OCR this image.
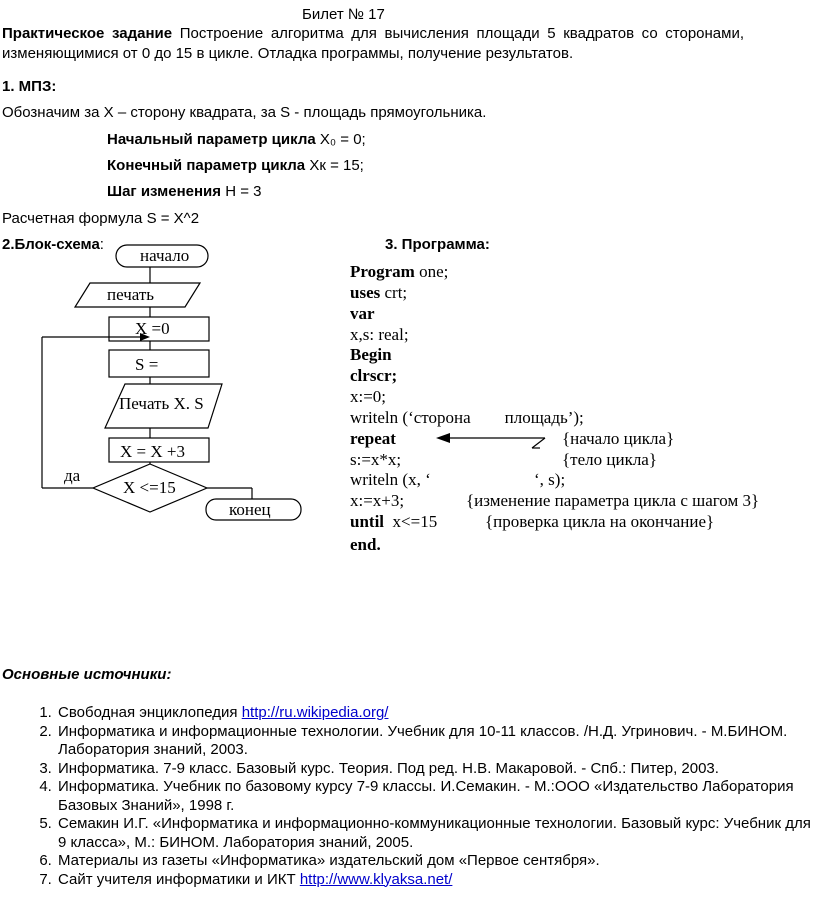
Билет № 17
Практическое задание Построение алгоритма для вычисления площади 5 квадратов со сторонами, изменяющимися от 0 до 15 в цикле. Отладка программы, получение результатов.
1. МПЗ:
Обозначим за Х – сторону квадрата, за S - площадь прямоугольника.
Начальный параметр цикла X₀ = 0;
Конечный параметр цикла Xк = 15;
Шаг изменения Н = 3
Расчетная формула S = X^2
2.Блок-схема:
начало
печать
X =0
S =
Печать X. S
X = X +3
X <=15
да
конец
3. Программа:
Program one;
uses crt;
var
x,s: real;
Begin
clrscr;
x:=0;
writeln (‘сторона        площадь’);
repeat	{начало цикла}
s:=x*x;	{тело цикла}
writeln (x, ‘	‘, s);
x:=x+3;	{изменение параметра цикла с шагом 3}
until  x<=15	{проверка цикла на окончание}
end.
Основные источники:
1. Свободная энциклопедия http://ru.wikipedia.org/
2. Информатика и информационные технологии. Учебник для 10-11 классов. /Н.Д. Угринович. - М.БИНОМ. Лаборатория знаний, 2003.
3. Информатика. 7-9 класс. Базовый курс. Теория. Под ред. Н.В. Макаровой. - Спб.: Питер, 2003.
4. Информатика. Учебник по базовому курсу 7-9 классы. И.Семакин. - М.:ООО «Издательство Лаборатория Базовых Знаний», 1998 г.
5. Семакин И.Г. «Информатика и информационно-коммуникационные технологии. Базовый курс: Учебник для 9 класса», М.: БИНОМ. Лаборатория знаний, 2005.
6. Материалы из газеты «Информатика» издательский дом «Первое сентября».
7. Сайт учителя информатики и ИКТ http://www.klyaksa.net/
